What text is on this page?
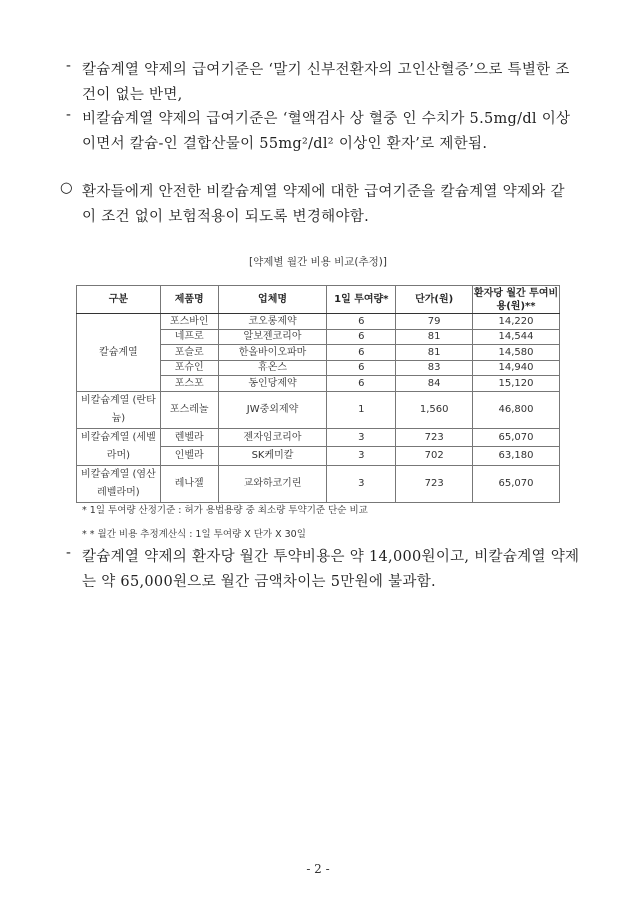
- 칼슘계열 약제의 급여기준은 ‘말기 신부전환자의 고인산혈증’으로 특별한 조
건이 없는 반면,
- 비칼슘계열 약제의 급여기준은 ‘혈액검사 상 혈중 인 수치가 5.5mg/dl 이상
이면서 칼슘-인 결합산물이 55mg²/dl² 이상인 환자’로 제한됨.
○ 환자들에게 안전한 비칼슘계열 약제에 대한 급여기준을 칼슘계열 약제와 같
이 조건 없이 보험적용이 되도록 변경해야함.
[약제별 월간 비용 비교(추정)]
구분	제품명	업체명	1일 투여량*	단가(원)	환자당 월간 투여비용(원)**
칼슘계열	포스바인	코오롱제약	6	79	14,220
	네프로	알보젠코리아	6	81	14,544
	포슬로	한올바이오파마	6	81	14,580
	포슈인	휴온스	6	83	14,940
	포스포	동인당제약	6	84	15,120
비칼슘계열 (란타늄)	포스레놀	JW중외제약	1	1,560	46,800
비칼슘계열 (세벨라머)	렌벨라	젠자임코리아	3	723	65,070
	인벨라	SK케미칼	3	702	63,180
비칼슘계열 (염산레벨라머)	레나젤	교와하코기린	3	723	65,070
* 1일 투여량 산정기준 : 허가 용법용량 중 최소량 투약기준 단순 비교
* * 월간 비용 추정계산식 : 1일 투여량 X 단가 X 30일
- 칼슘계열 약제의 환자당 월간 투약비용은 약 14,000원이고, 비칼슘계열 약제
는 약 65,000원으로 월간 금액차이는 5만원에 불과함.
- 2 -
